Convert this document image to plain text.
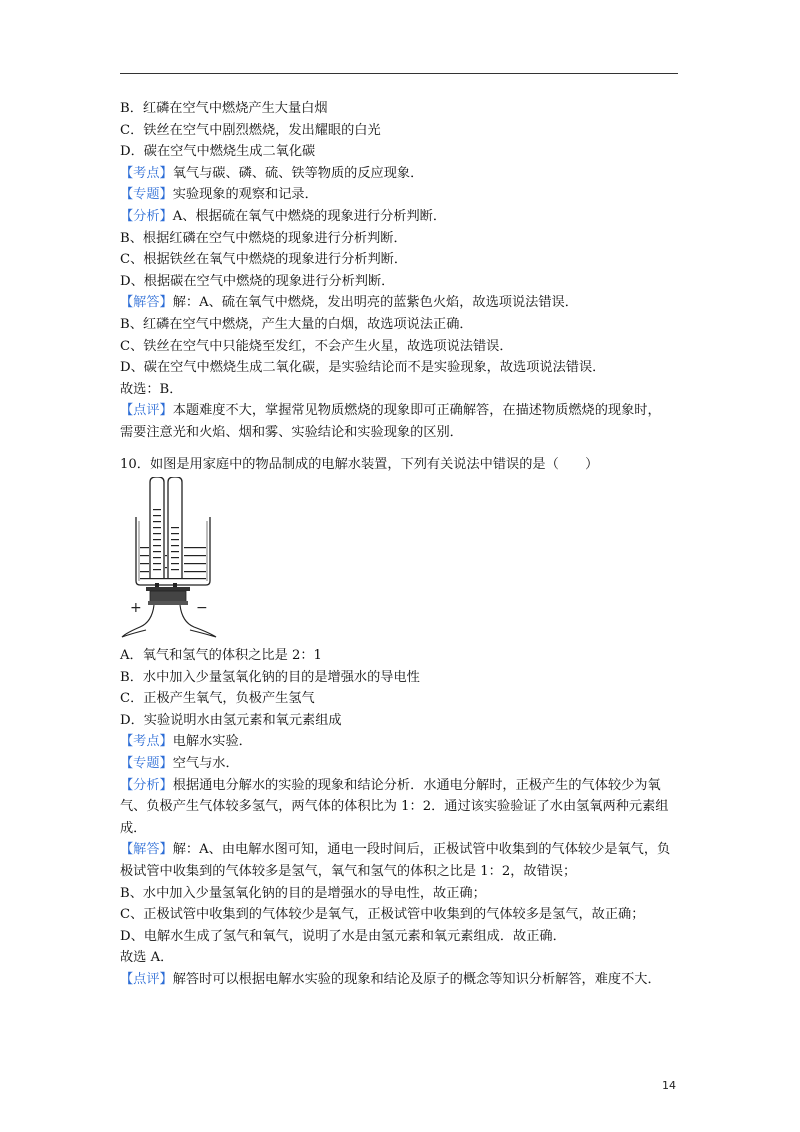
B．红磷在空气中燃烧产生大量白烟
C．铁丝在空气中剧烈燃烧，发出耀眼的白光
D．碳在空气中燃烧生成二氧化碳
【考点】氧气与碳、磷、硫、铁等物质的反应现象．
【专题】实验现象的观察和记录．
【分析】A、根据硫在氧气中燃烧的现象进行分析判断．
B、根据红磷在空气中燃烧的现象进行分析判断．
C、根据铁丝在氧气中燃烧的现象进行分析判断．
D、根据碳在空气中燃烧的现象进行分析判断．
【解答】解：A、硫在氧气中燃烧，发出明亮的蓝紫色火焰，故选项说法错误．
B、红磷在空气中燃烧，产生大量的白烟，故选项说法正确．
C、铁丝在空气中只能烧至发红，不会产生火星，故选项说法错误．
D、碳在空气中燃烧生成二氧化碳，是实验结论而不是实验现象，故选项说法错误．
故选：B．
【点评】本题难度不大，掌握常见物质燃烧的现象即可正确解答，在描述物质燃烧的现象时，
需要注意光和火焰、烟和雾、实验结论和实验现象的区别．
10．如图是用家庭中的物品制成的电解水装置，下列有关说法中错误的是（　　）
+	−
A．氧气和氢气的体积之比是 2：1
B．水中加入少量氢氧化钠的目的是增强水的导电性
C．正极产生氧气，负极产生氢气
D．实验说明水由氢元素和氧元素组成
【考点】电解水实验．
【专题】空气与水．
【分析】根据通电分解水的实验的现象和结论分析．水通电分解时，正极产生的气体较少为氧
气、负极产生气体较多氢气，两气体的体积比为 1：2．通过该实验验证了水由氢氧两种元素组
成．
【解答】解：A、由电解水图可知，通电一段时间后，正极试管中收集到的气体较少是氧气，负
极试管中收集到的气体较多是氢气，氧气和氢气的体积之比是 1：2，故错误；
B、水中加入少量氢氧化钠的目的是增强水的导电性，故正确；
C、正极试管中收集到的气体较少是氧气，正极试管中收集到的气体较多是氢气，故正确；
D、电解水生成了氢气和氧气，说明了水是由氢元素和氧元素组成．故正确．
故选 A．
【点评】解答时可以根据电解水实验的现象和结论及原子的概念等知识分析解答，难度不大．
14
